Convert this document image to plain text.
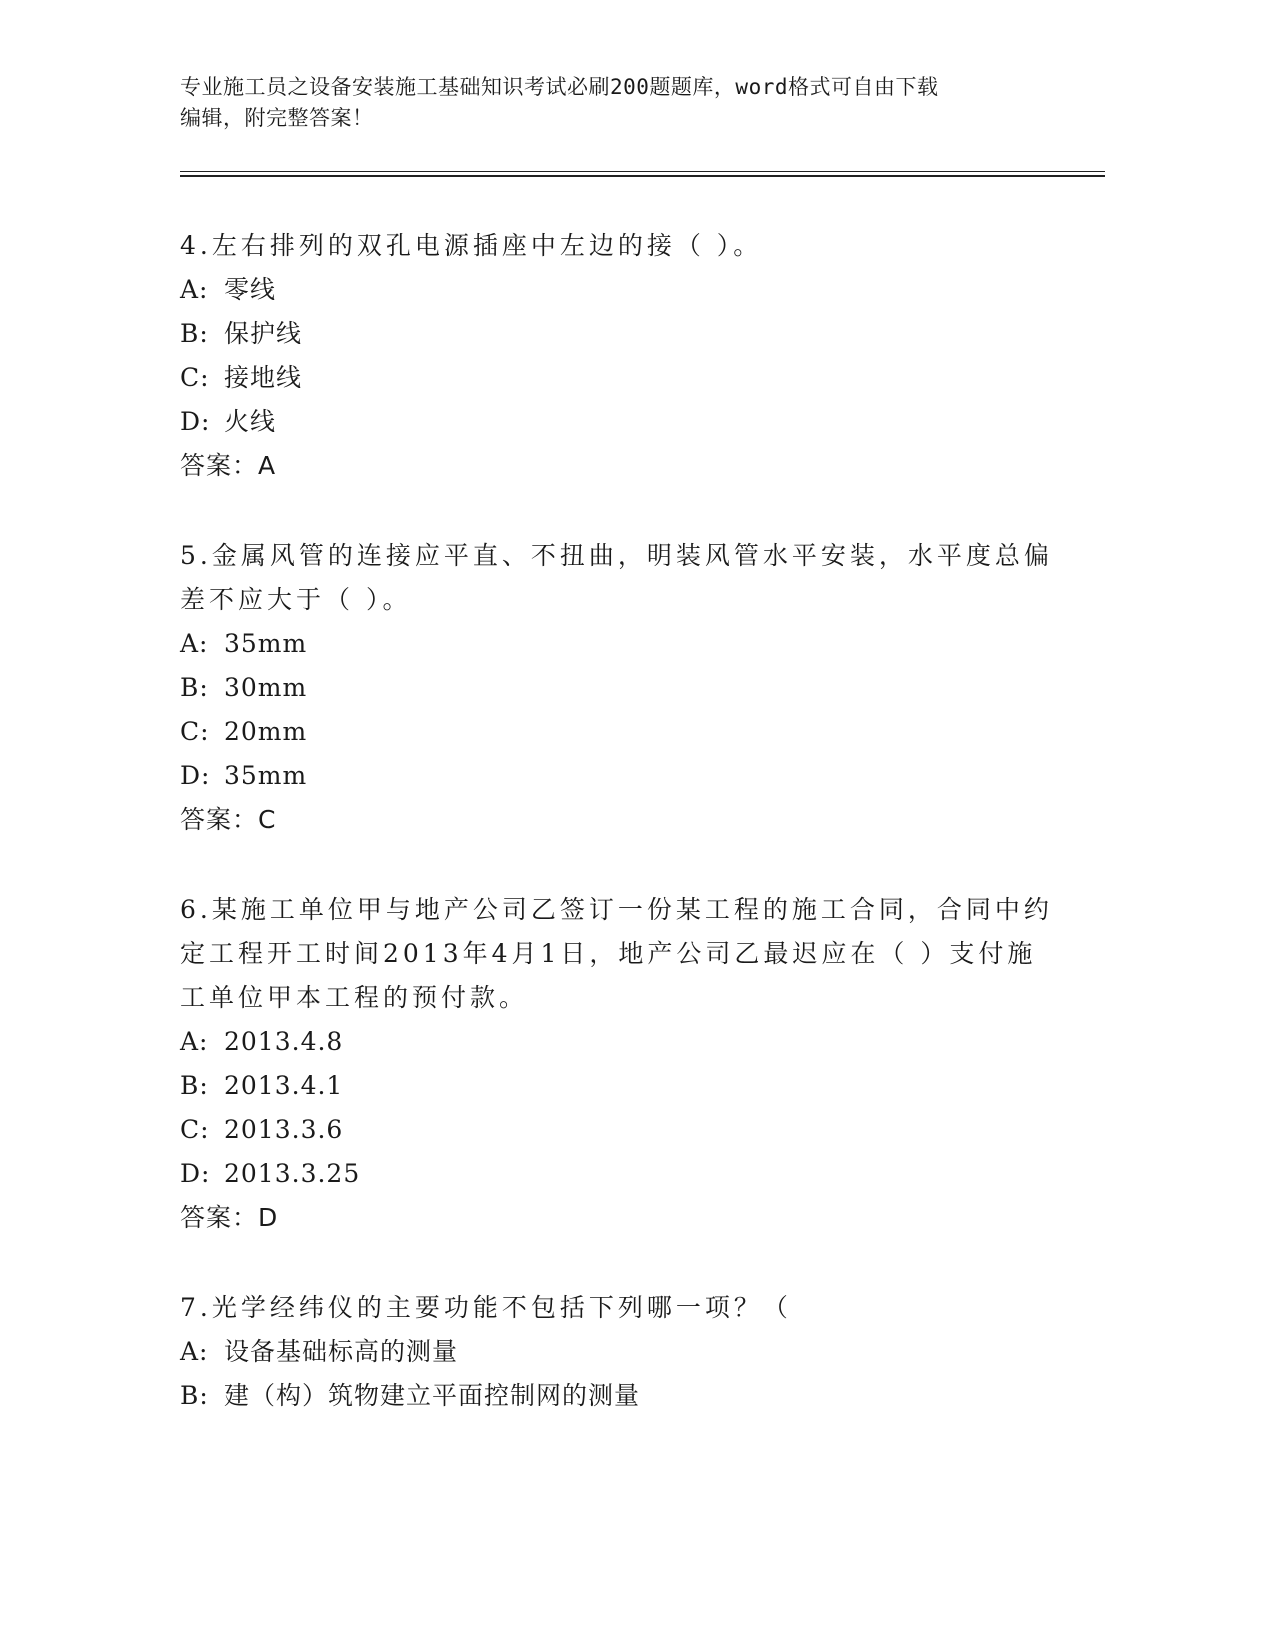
专业施工员之设备安装施工基础知识考试必刷200题题库，word格式可自由下载
编辑，附完整答案！
4.左右排列的双孔电源插座中左边的接（ ）。
A: 零线
B: 保护线
C: 接地线
D: 火线
答案：A
5.金属风管的连接应平直、不扭曲，明装风管水平安装，水平度总偏
差不应大于（ ）。
A: 35mm
B: 30mm
C: 20mm
D: 35mm
答案：C
6.某施工单位甲与地产公司乙签订一份某工程的施工合同，合同中约
定工程开工时间2013年4月1日，地产公司乙最迟应在（ ）支付施
工单位甲本工程的预付款。
A: 2013.4.8
B: 2013.4.1
C: 2013.3.6
D: 2013.3.25
答案：D
7.光学经纬仪的主要功能不包括下列哪一项？（
A: 设备基础标高的测量
B: 建（构）筑物建立平面控制网的测量
